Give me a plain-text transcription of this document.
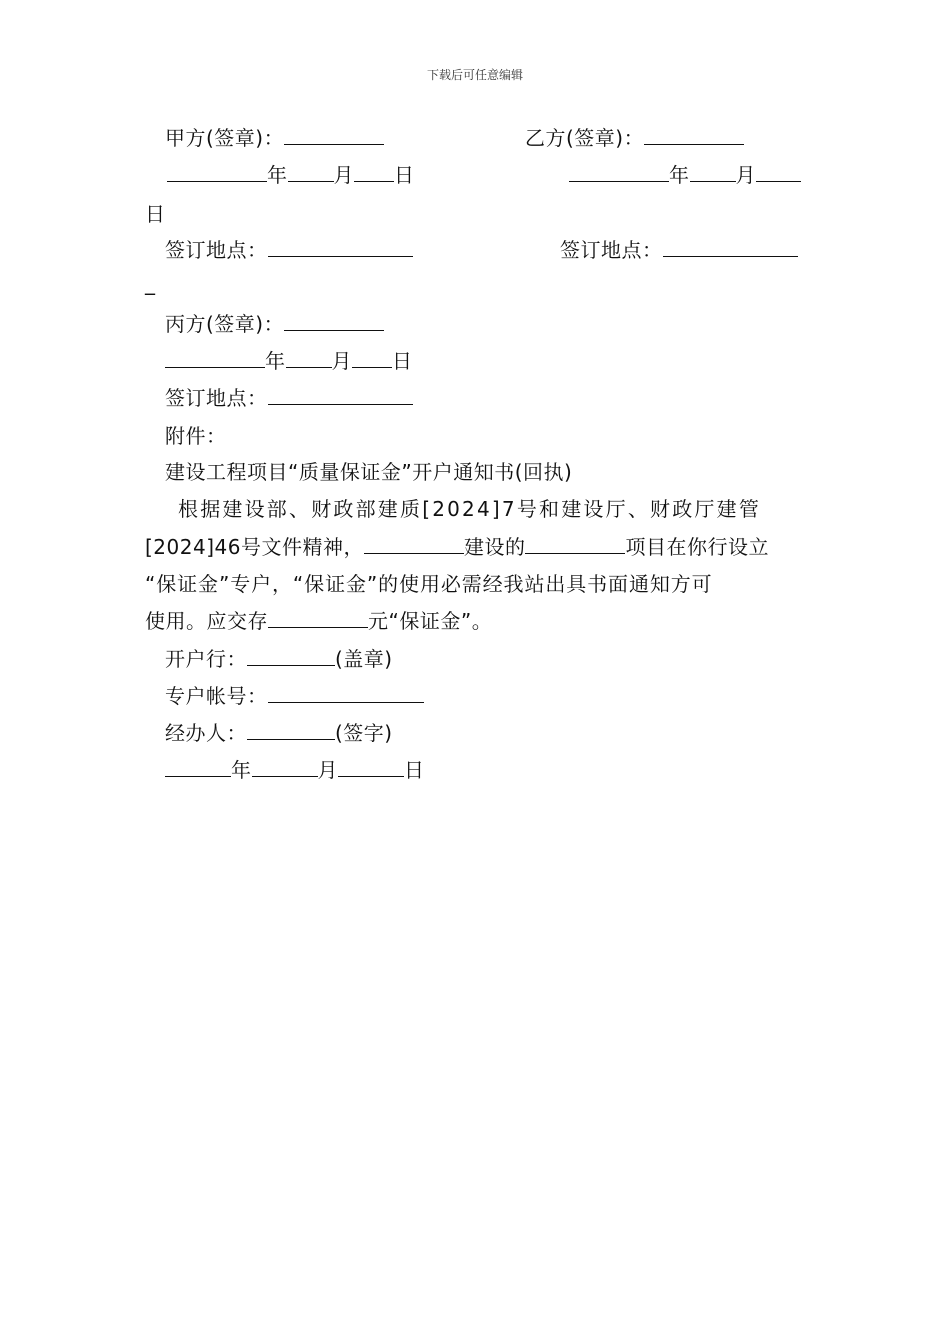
下载后可任意编辑
甲方(签章)：	乙方(签章)：
年 月 日	年 月
日
签订地点：	签订地点：
_
丙方(签章)：
年 月 日
签订地点：
附件：
建设工程项目“质量保证金”开户通知书(回执)
根据建设部、财政部建质[2024]7号和建设厅、财政厅建管
[2024]46号文件精神，	建设的	项目在你行设立
“保证金”专户，“保证金”的使用必需经我站出具书面通知方可
使用。应交存	元“保证金”。
开户行：	(盖章)
专户帐号：
经办人：	(签字)
年	月	日
